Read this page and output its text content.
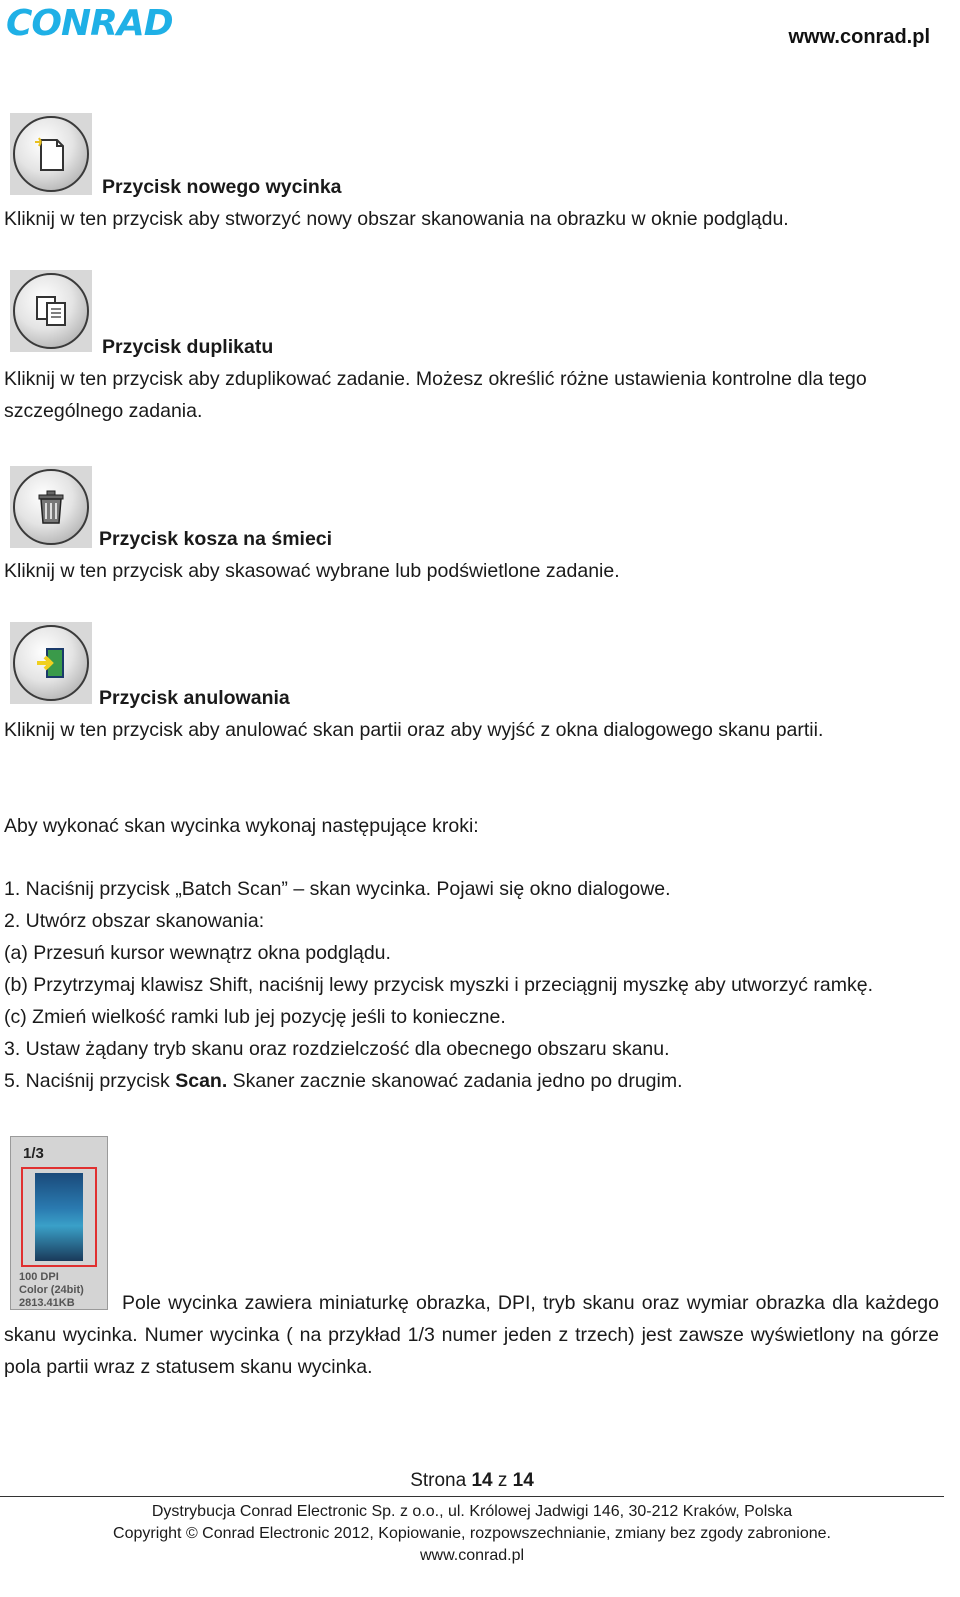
CONRAD	www.conrad.pl
Przycisk nowego wycinka
Kliknij w ten przycisk aby stworzyć nowy obszar skanowania na obrazku w oknie podglądu.
Przycisk duplikatu
Kliknij w ten przycisk aby zduplikować zadanie. Możesz określić różne ustawienia kontrolne dla tego
szczególnego zadania.
Przycisk kosza na śmieci
Kliknij w ten przycisk aby skasować wybrane lub podświetlone zadanie.
Przycisk anulowania
Kliknij w ten przycisk aby anulować skan partii oraz aby wyjść z okna dialogowego skanu partii.
Aby wykonać skan wycinka wykonaj następujące kroki:
1. Naciśnij przycisk „Batch Scan” – skan wycinka. Pojawi się okno dialogowe.
2. Utwórz obszar skanowania:
(a) Przesuń kursor wewnątrz okna podglądu.
(b) Przytrzymaj klawisz Shift, naciśnij lewy przycisk myszki i przeciągnij myszkę aby utworzyć ramkę.
(c) Zmień wielkość ramki lub jej pozycję jeśli to konieczne.
3. Ustaw żądany tryb skanu oraz rozdzielczość dla obecnego obszaru skanu.
5. Naciśnij przycisk Scan. Skaner zacznie skanować zadania jedno po drugim.
1/3
100 DPI
Color (24bit)
2813.41KB	Pole wycinka zawiera miniaturkę obrazka, DPI, tryb skanu oraz wymiar obrazka dla każdego skanu wycinka. Numer wycinka ( na przykład 1/3 numer jeden z trzech) jest zawsze wyświetlony na górze pola partii wraz z statusem skanu wycinka.
Strona 14 z 14
Dystrybucja Conrad Electronic Sp. z o.o., ul. Królowej Jadwigi 146, 30-212 Kraków, Polska
Copyright © Conrad Electronic 2012, Kopiowanie, rozpowszechnianie, zmiany bez zgody zabronione.
www.conrad.pl
